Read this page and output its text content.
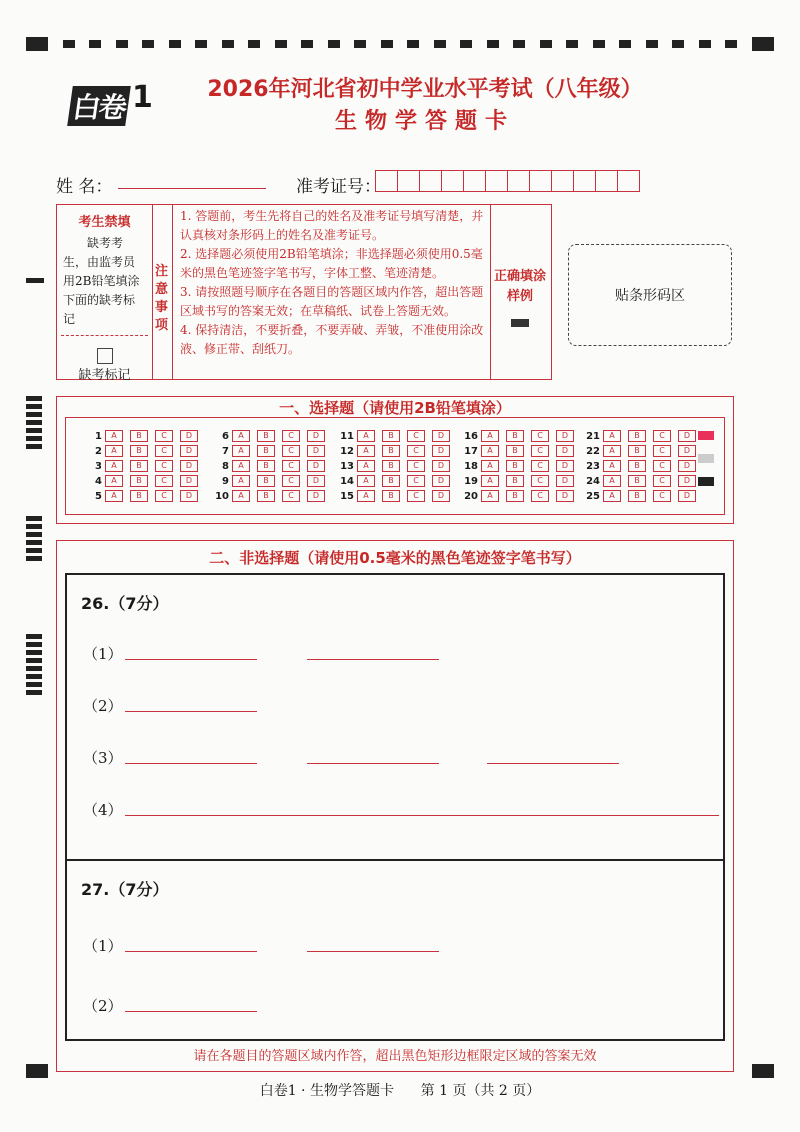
白卷 1	2026年河北省初中学业水平考试（八年级）
生物学答题卡
姓 名：	准考证号：
考生禁填
缺考考生，由监考员用2B铅笔填涂下面的缺考标记
缺考标记
注意事项
1. 答题前，考生先将自己的姓名及准考证号填写清楚，并认真核对条形码上的姓名及准考证号。
2. 选择题必须使用2B铅笔填涂；非选择题必须使用0.5毫米的黑色笔迹签字笔书写，字体工整、笔迹清楚。
3. 请按照题号顺序在各题目的答题区域内作答，超出答题区域书写的答案无效；在草稿纸、试卷上答题无效。
4. 保持清洁，不要折叠，不要弄破、弄皱，不准使用涂改液、修正带、刮纸刀。
正确填涂样例	贴条形码区
一、选择题（请使用2B铅笔填涂）
1	A	B	C	D
2	A	B	C	D
3	A	B	C	D
4	A	B	C	D
5	A	B	C	D
6	A	B	C	D
7	A	B	C	D
8	A	B	C	D
9	A	B	C	D
10	A	B	C	D
11	A	B	C	D
12	A	B	C	D
13	A	B	C	D
14	A	B	C	D
15	A	B	C	D
16	A	B	C	D
17	A	B	C	D
18	A	B	C	D
19	A	B	C	D
20	A	B	C	D
21	A	B	C	D
22	A	B	C	D
23	A	B	C	D
24	A	B	C	D
25	A	B	C	D
二、非选择题（请使用0.5毫米的黑色笔迹签字笔书写）
26.（7分）
（1）
（2）
（3）
（4）
27.（7分）
（1）
（2）
请在各题目的答题区域内作答，超出黑色矩形边框限定区域的答案无效
白卷1 · 生物学答题卡      第 1 页（共 2 页）
